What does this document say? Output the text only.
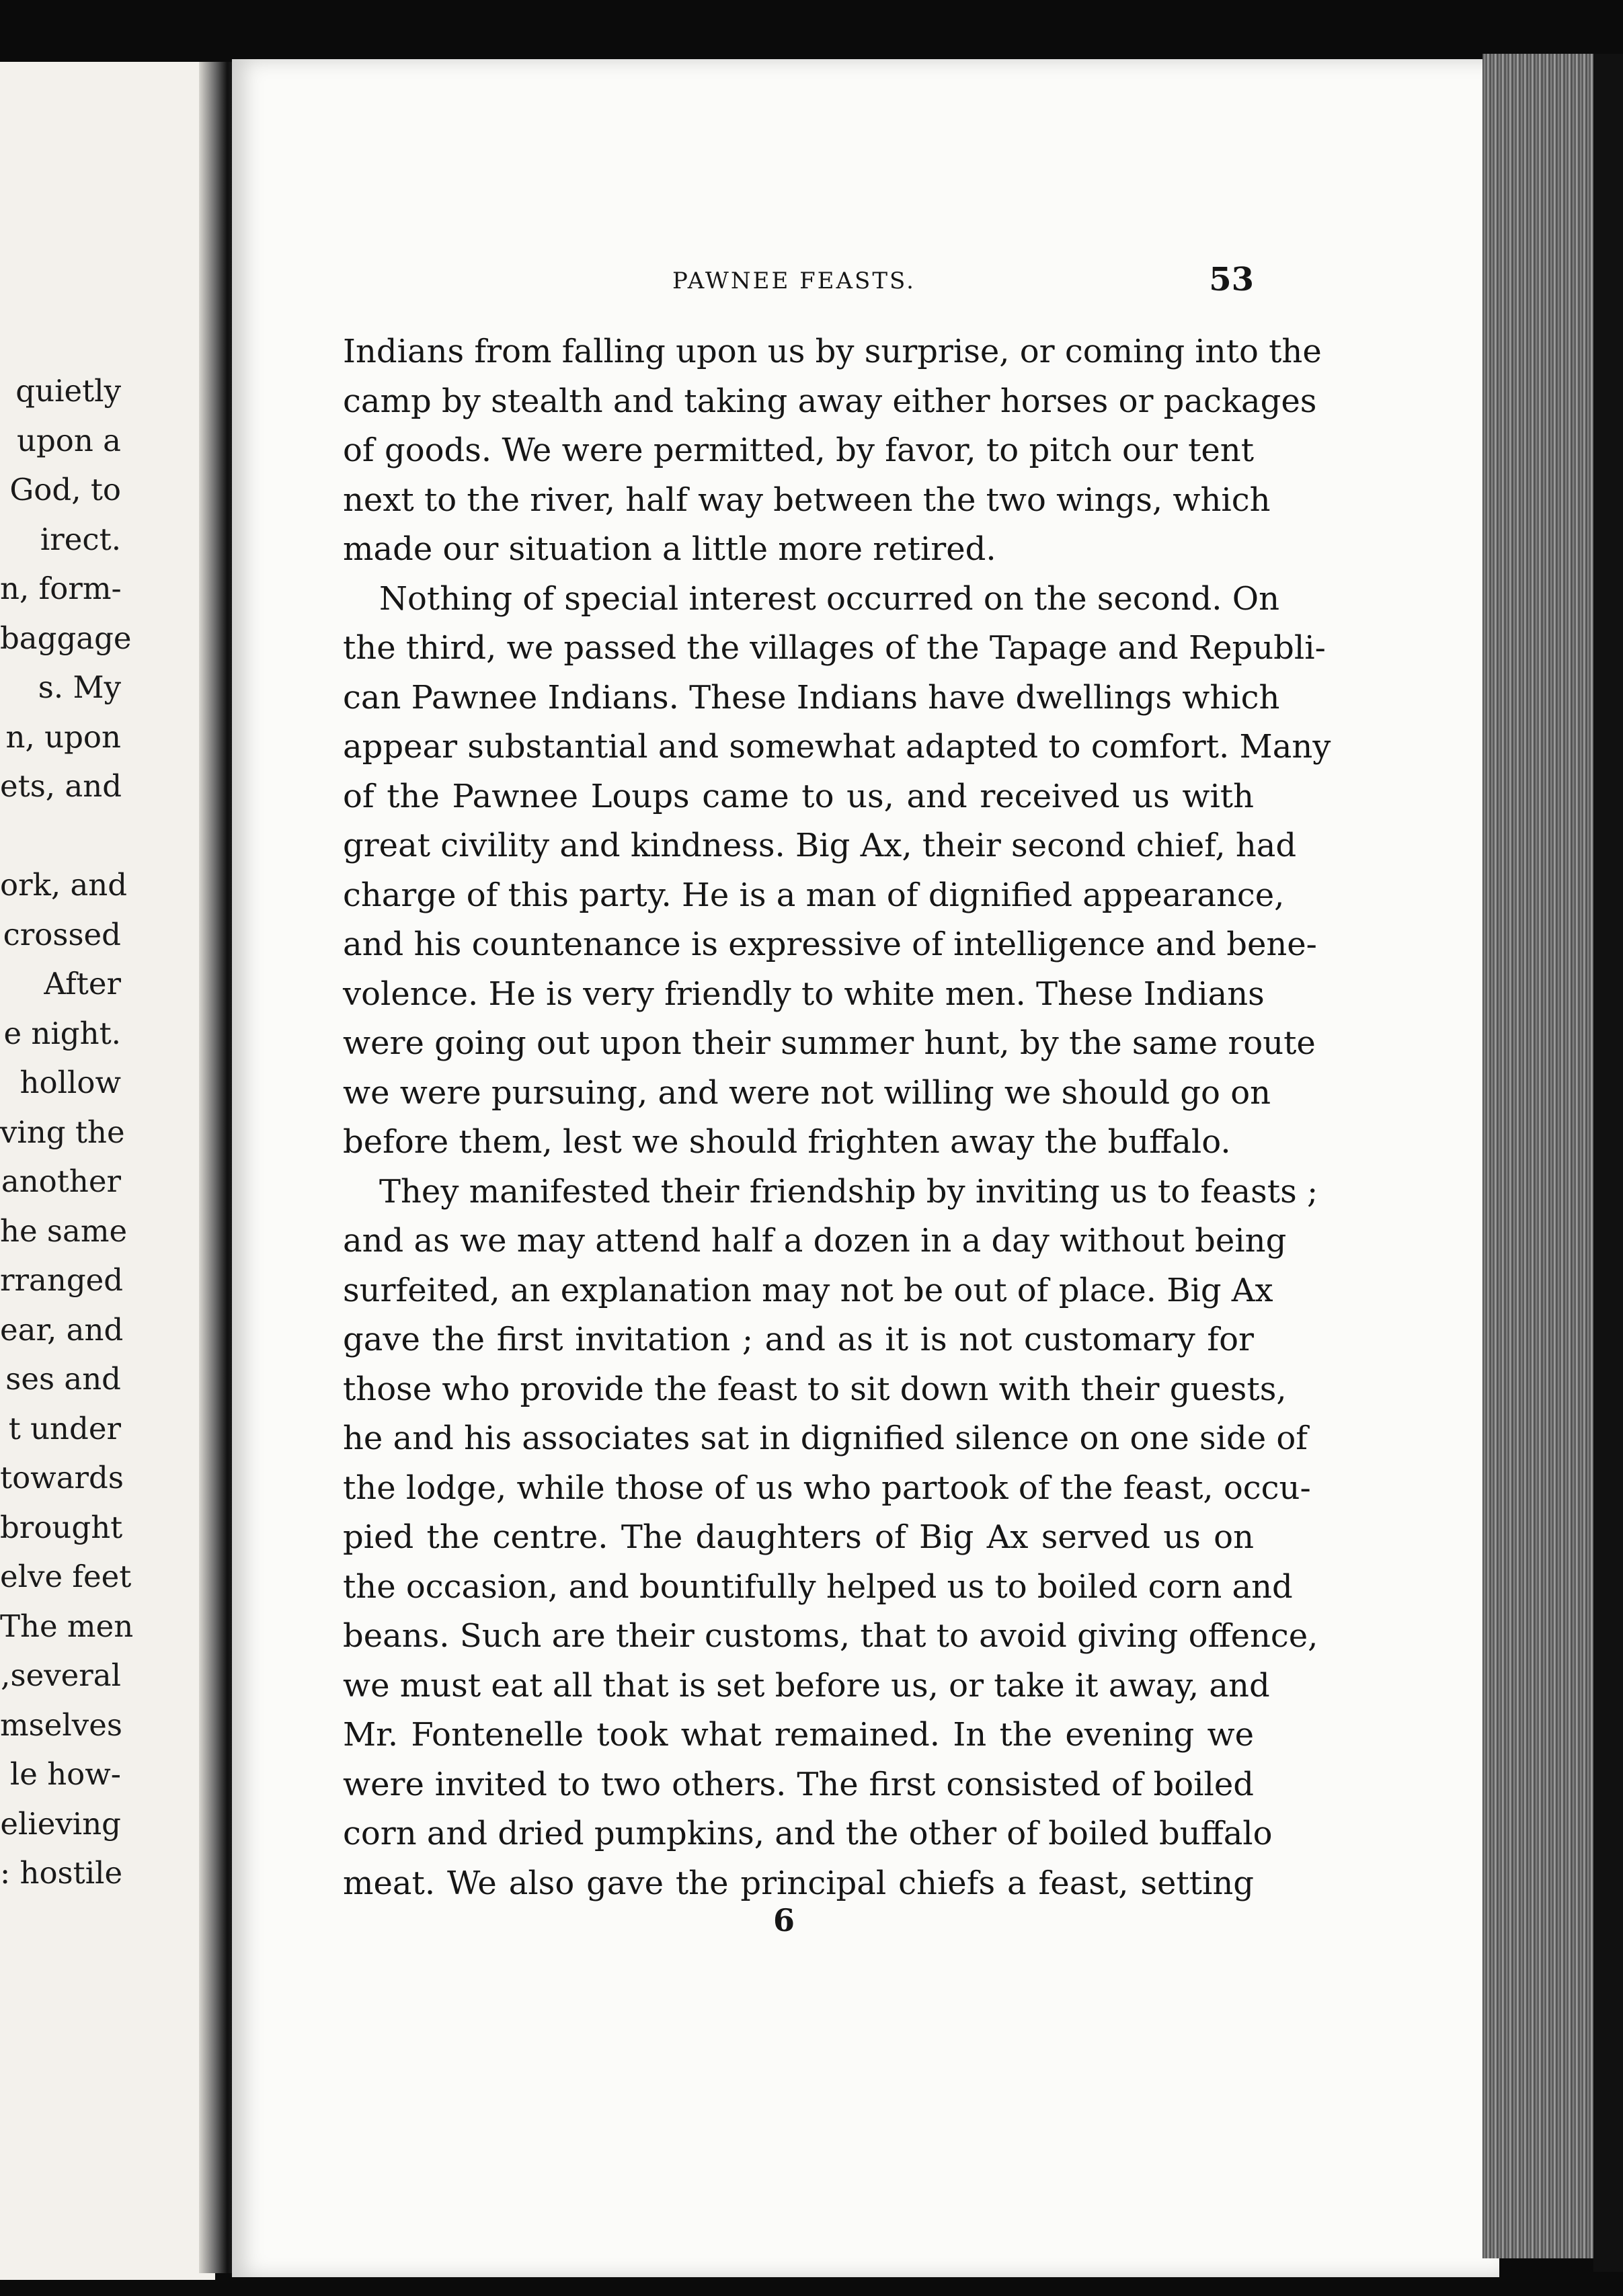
quietly
upon a
God, to
irect.
n, form-
baggage
s. My
n, upon
ets, and
ork, and
crossed
After
e night.
hollow
ving the
another
he same
rranged
ear, and
ses and
t under
towards
brought
elve feet
The men
,several
mselves
le how-
elieving
: hostile
PAWNEE FEASTS.	53
Indians from falling upon us by surprise, or coming into the
camp by stealth and taking away either horses or packages
of goods. We were permitted, by favor, to pitch our tent
next to the river, half way between the two wings, which
made our situation a little more retired.
Nothing of special interest occurred on the second. On
the third, we passed the villages of the Tapage and Republi-
can Pawnee Indians. These Indians have dwellings which
appear substantial and somewhat adapted to comfort. Many
of the Pawnee Loups came to us, and received us with
great civility and kindness. Big Ax, their second chief, had
charge of this party. He is a man of dignified appearance,
and his countenance is expressive of intelligence and bene-
volence. He is very friendly to white men. These Indians
were going out upon their summer hunt, by the same route
we were pursuing, and were not willing we should go on
before them, lest we should frighten away the buffalo.
They manifested their friendship by inviting us to feasts ;
and as we may attend half a dozen in a day without being
surfeited, an explanation may not be out of place. Big Ax
gave the first invitation ; and as it is not customary for
those who provide the feast to sit down with their guests,
he and his associates sat in dignified silence on one side of
the lodge, while those of us who partook of the feast, occu-
pied the centre. The daughters of Big Ax served us on
the occasion, and bountifully helped us to boiled corn and
beans. Such are their customs, that to avoid giving offence,
we must eat all that is set before us, or take it away, and
Mr. Fontenelle took what remained. In the evening we
were invited to two others. The first consisted of boiled
corn and dried pumpkins, and the other of boiled buffalo
meat. We also gave the principal chiefs a feast, setting
6
